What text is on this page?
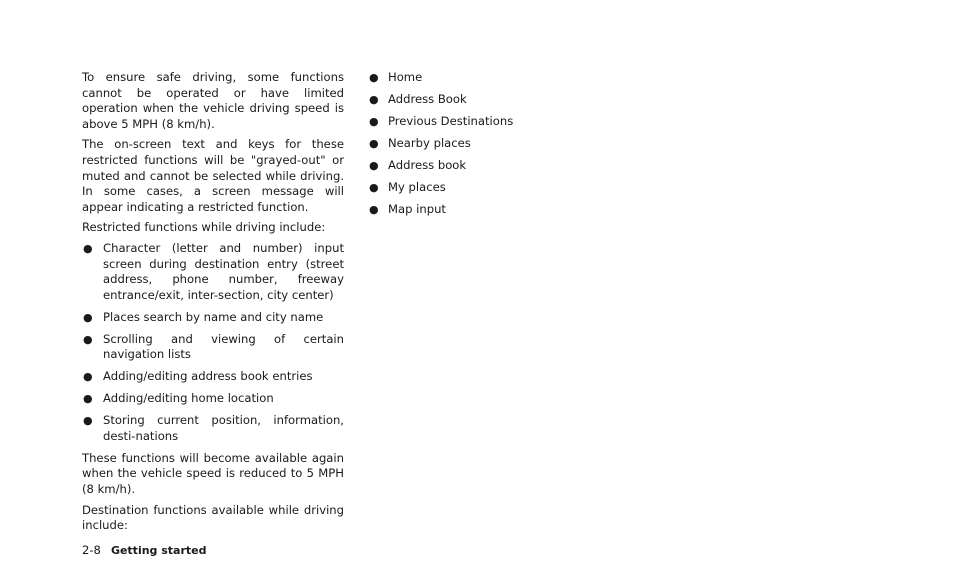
To ensure safe driving, some functions cannot be operated or have limited operation when the vehicle driving speed is above 5 MPH (8 km/h).

The on-screen text and keys for these restricted functions will be "grayed-out" or muted and cannot be selected while driving. In some cases, a screen message will appear indicating a restricted function.

Restricted functions while driving include:

● Character (letter and number) input screen during destination entry (street address, phone number, freeway entrance/exit, inter-section, city center)
● Places search by name and city name
● Scrolling and viewing of certain navigation lists
● Adding/editing address book entries
● Adding/editing home location
● Storing current position, information, desti-nations

These functions will become available again when the vehicle speed is reduced to 5 MPH (8 km/h).

Destination functions available while driving include:

● Home
● Address Book
● Previous Destinations
● Nearby places
● Address book
● My places
● Map input
2-8 Getting started
